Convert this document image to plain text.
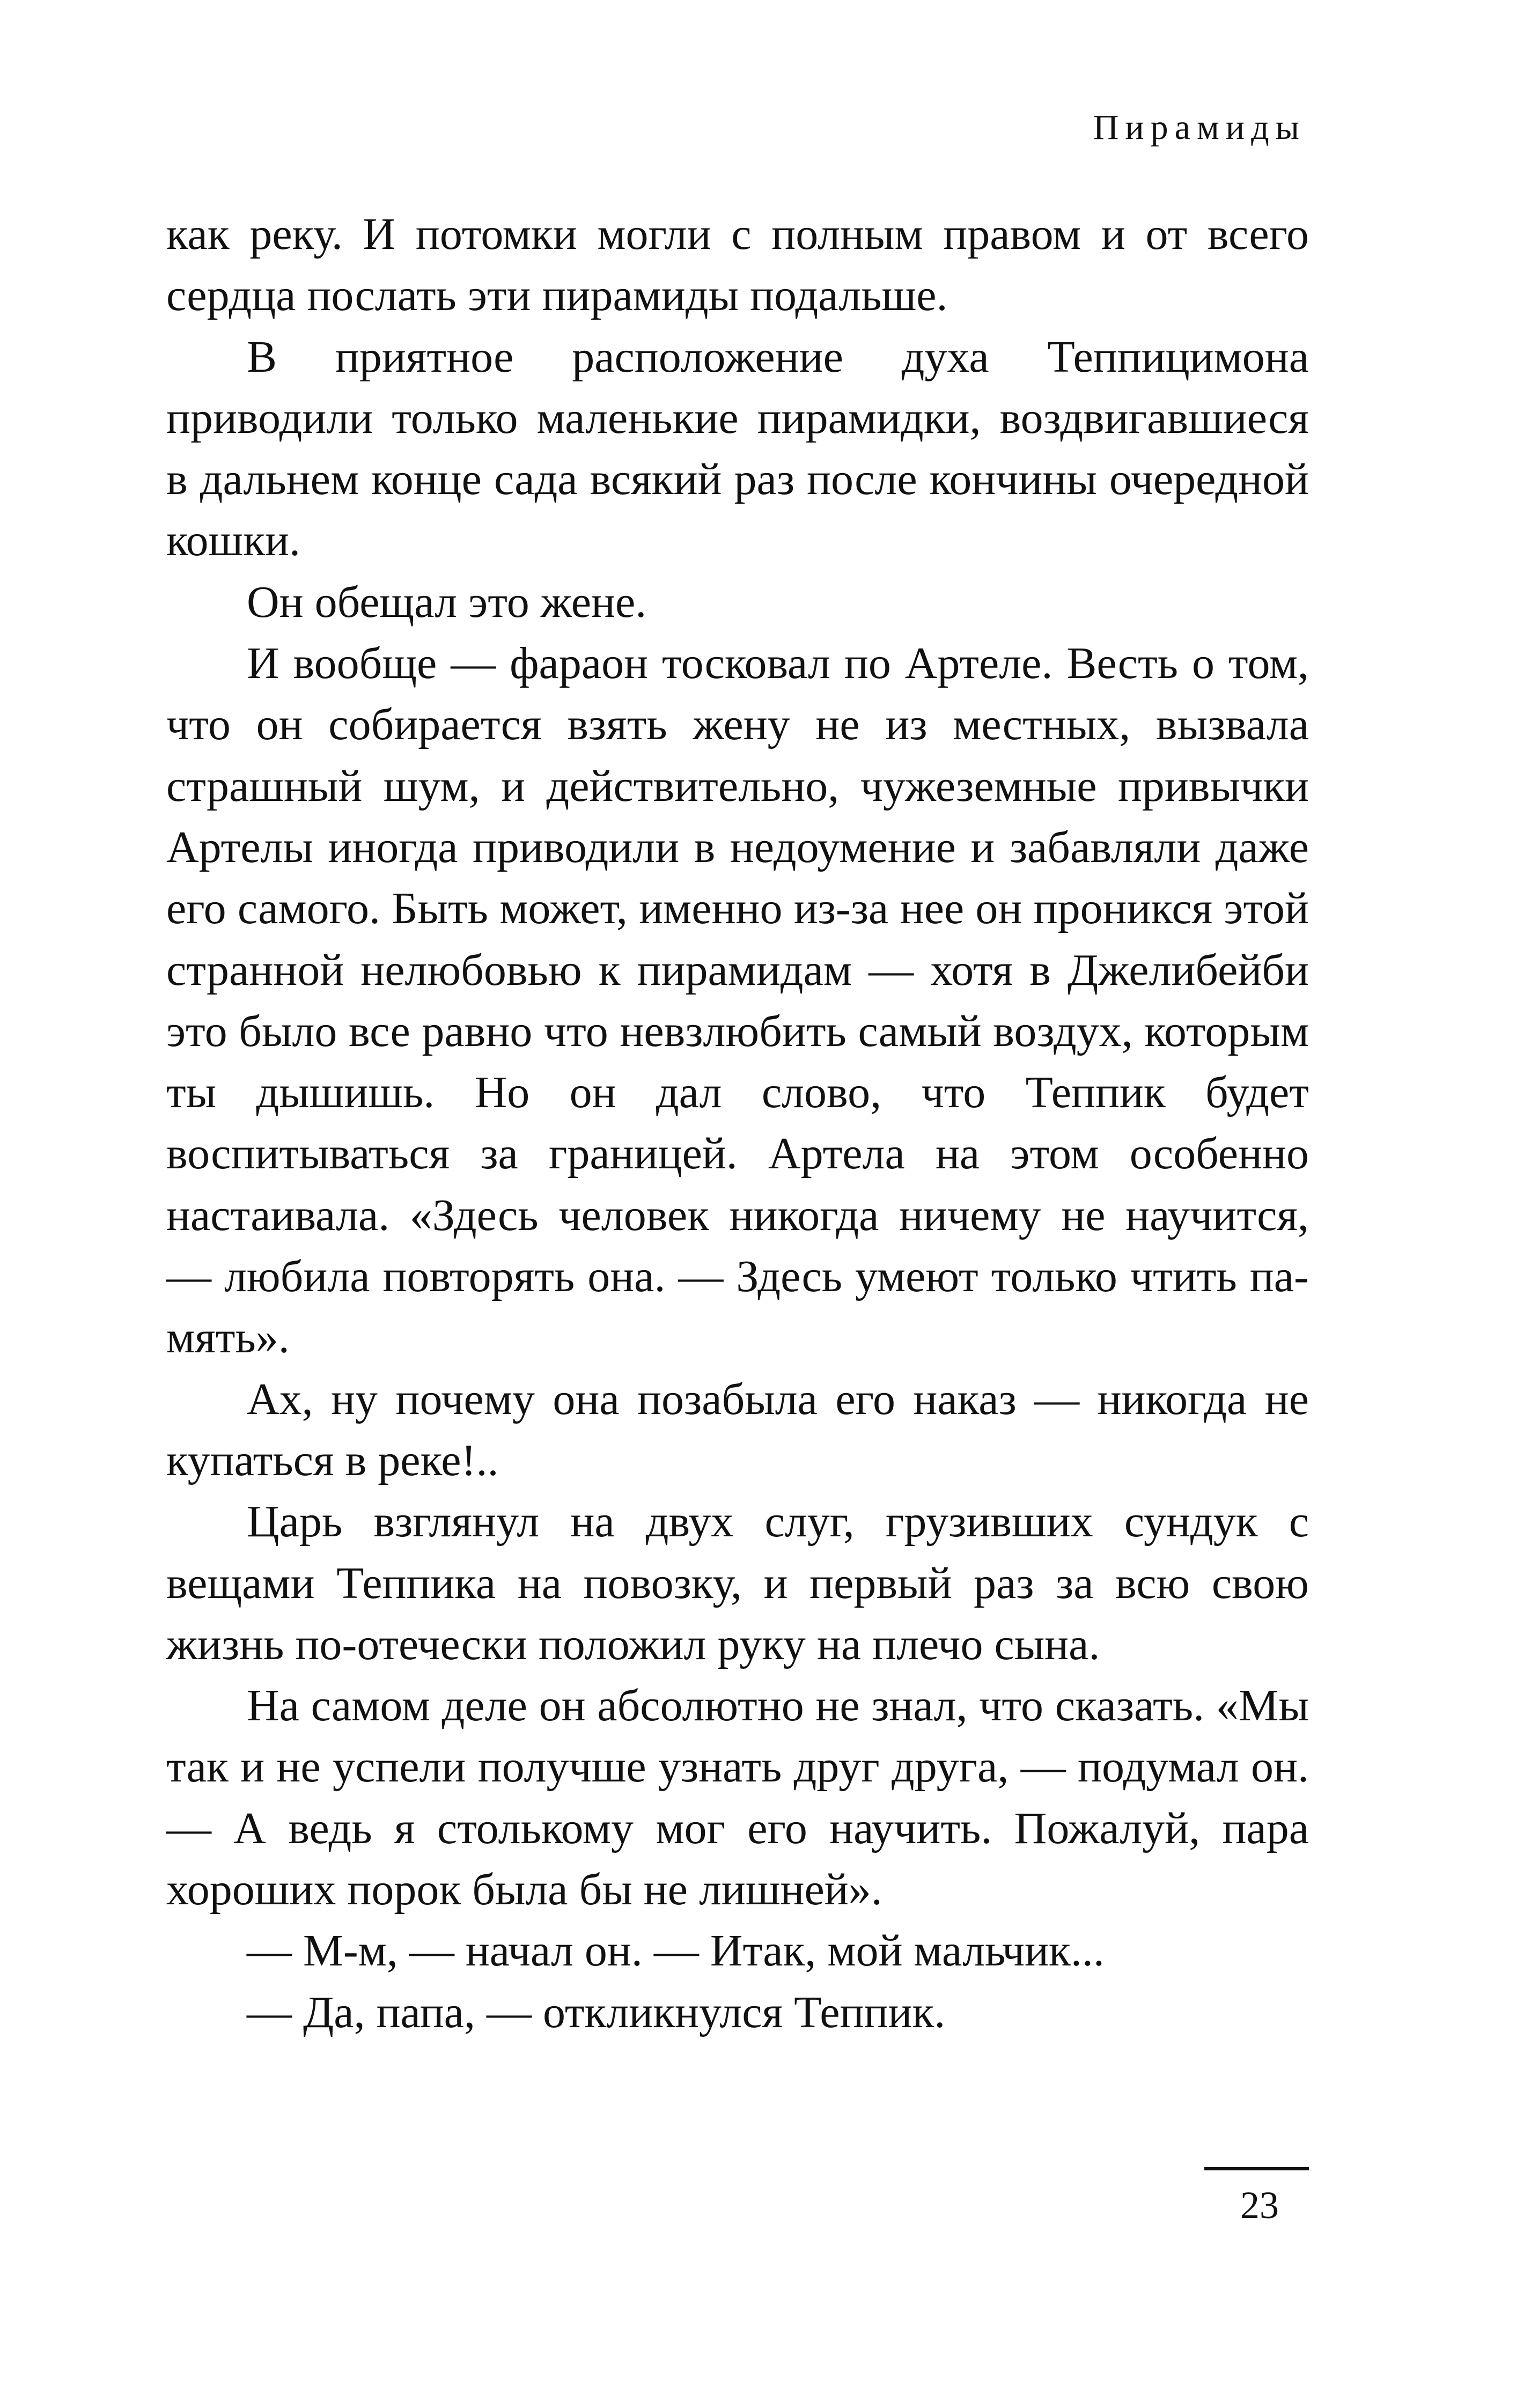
Пирамиды

как реку. И потомки могли с полным правом и от всего сердца послать эти пирамиды подальше.

В приятное расположение духа Теппицимона приводили только маленькие пирамидки, воздвигавшиеся в дальнем конце сада всякий раз после кончины очередной кошки.

Он обещал это жене.

И вообще — фараон тосковал по Артеле. Весть о том, что он собирается взять жену не из местных, вызвала страшный шум, и действительно, чужеземные привычки Артелы иногда приводили в недоумение и забавляли даже его самого. Быть может, именно из-за нее он проникся этой странной нелюбовью к пирамидам — хотя в Джелибейби это было все равно что невзлюбить самый воздух, которым ты дышишь. Но он дал слово, что Теппик будет воспитываться за границей. Артела на этом особенно настаивала. «Здесь человек никогда ничему не научится, — любила повторять она. — Здесь умеют только чтить память».

Ах, ну почему она позабыла его наказ — никогда не купаться в реке!..

Царь взглянул на двух слуг, грузивших сундук с вещами Теппика на повозку, и первый раз за всю свою жизнь по-отечески положил руку на плечо сына.

На самом деле он абсолютно не знал, что сказать. «Мы так и не успели получше узнать друг друга, — подумал он. — А ведь я столькому мог его научить. Пожалуй, пара хороших порок была бы не лишней».

— М-м, — начал он. — Итак, мой мальчик...

— Да, папа, — откликнулся Теппик.

23
